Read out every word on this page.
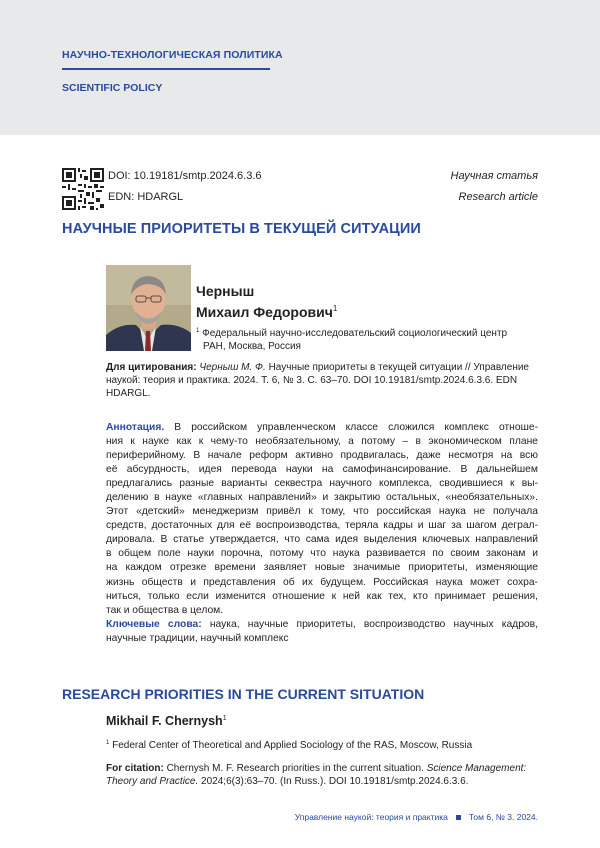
НАУЧНО-ТЕХНОЛОГИЧЕСКАЯ ПОЛИТИКА
SCIENTIFIC POLICY
DOI: 10.19181/smtp.2024.6.3.6
EDN: HDARGL
Научная статья
Research article
НАУЧНЫЕ ПРИОРИТЕТЫ В ТЕКУЩЕЙ СИТУАЦИИ
Черныш
Михаил Федорович$^1$
$^1$ Федеральный научно-исследовательский социологический центр
РАН, Москва, Россия
Для цитирования: Черныш М. Ф. Научные приоритеты в текущей ситуации // Управление наукой: теория и практика. 2024. Т. 6, № 3. С. 63–70. DOI 10.19181/smtp.2024.6.3.6. EDN HDARGL.
Аннотация. В российском управленческом классе сложился комплекс отноше-
ния к науке как к чему-то необязательному, а потому – в экономическом плане
периферийному. В начале реформ активно продвигалась, даже несмотря на всю
её абсурдность, идея перевода науки на самофинансирование. В дальнейшем
предлагались разные варианты секвестра научного комплекса, сводившиеся к вы-
делению в науке «главных направлений» и закрытию остальных, «необязательных».
Этот «детский» менеджеризм привёл к тому, что российская наука не получала
средств, достаточных для её воспроизводства, теряла кадры и шаг за шагом деграл-
дировала. В статье утверждается, что сама идея выделения ключевых направлений
в общем поле науки порочна, потому что наука развивается по своим законам и
на каждом отрезке времени заявляет новые значимые приоритеты, изменяющие
жизнь обществ и представления об их будущем. Российская наука может сохра-
ниться, только если изменится отношение к ней как тех, кто принимает решения,
так и общества в целом.
Ключевые слова: наука, научные приоритеты, воспроизводство научных кадров,
научные традиции, научный комплекс
RESEARCH PRIORITIES IN THE CURRENT SITUATION
Mikhail F. Chernysh$^1$
$^1$ Federal Center of Theoretical and Applied Sociology of the RAS, Moscow, Russia
For citation: Chernysh M. F. Research priorities in the current situation. Science Management: Theory and Practice. 2024;6(3):63–70. (In Russ.). DOI 10.19181/smtp.2024.6.3.6.
Управление наукой: теория и практика Том 6, № 3. 2024.
